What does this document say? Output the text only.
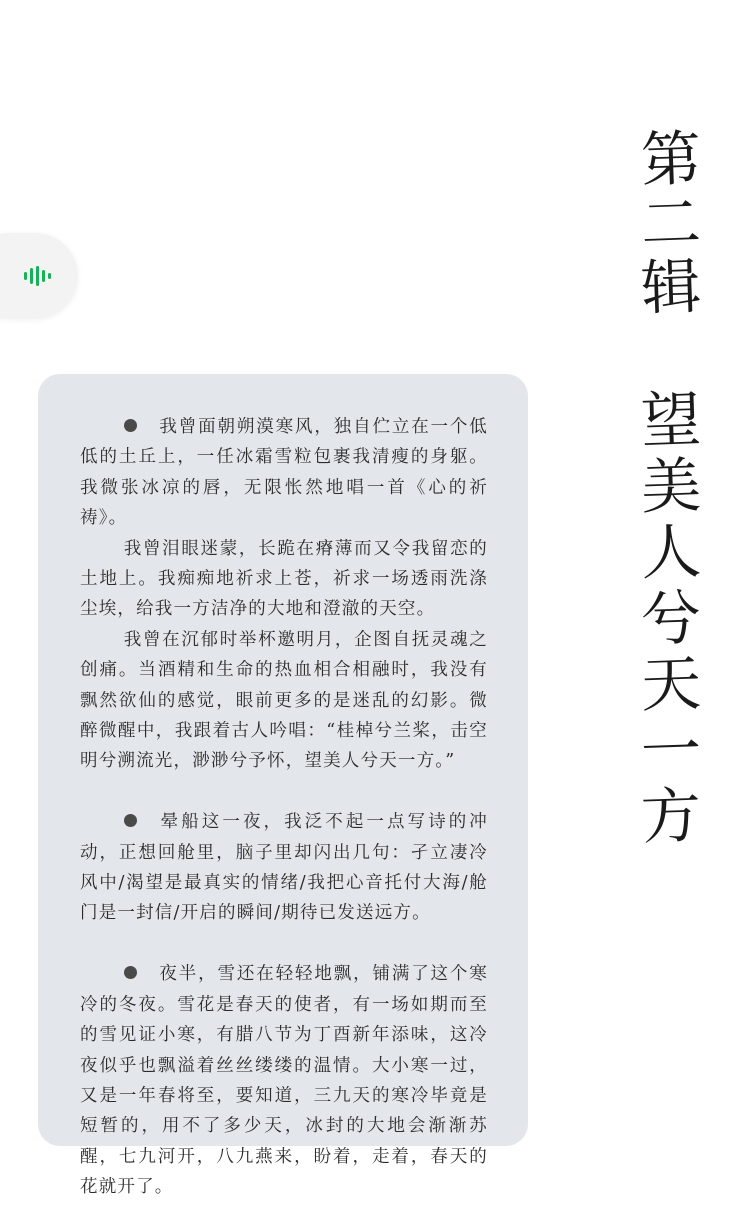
第
二
辑
望
美
人
兮
天
一
方

我曾面朝朔漠寒风，独自伫立在一个低低的土丘上，一任冰霜雪粒包裹我清瘦的身躯。我微张冰凉的唇，无限怅然地唱一首《心的祈祷》。

我曾泪眼迷蒙，长跪在瘠薄而又令我留恋的土地上。我痴痴地祈求上苍，祈求一场透雨洗涤尘埃，给我一方洁净的大地和澄澈的天空。

我曾在沉郁时举杯邀明月，企图自抚灵魂之创痛。当酒精和生命的热血相合相融时，我没有飘然欲仙的感觉，眼前更多的是迷乱的幻影。微醉微醒中，我跟着古人吟唱：“桂棹兮兰桨，击空明兮溯流光，渺渺兮予怀，望美人兮天一方。”

晕船这一夜，我泛不起一点写诗的冲动，正想回舱里，脑子里却闪出几句：孑立凄冷风中/渴望是最真实的情绪/我把心音托付大海/舱门是一封信/开启的瞬间/期待已发送远方。

夜半，雪还在轻轻地飘，铺满了这个寒冷的冬夜。雪花是春天的使者，有一场如期而至的雪见证小寒，有腊八节为丁酉新年添味，这冷夜似乎也飘溢着丝丝缕缕的温情。大小寒一过，又是一年春将至，要知道，三九天的寒冷毕竟是短暂的，用不了多少天，冰封的大地会渐渐苏醒，七九河开，八九燕来，盼着，走着，春天的花就开了。
